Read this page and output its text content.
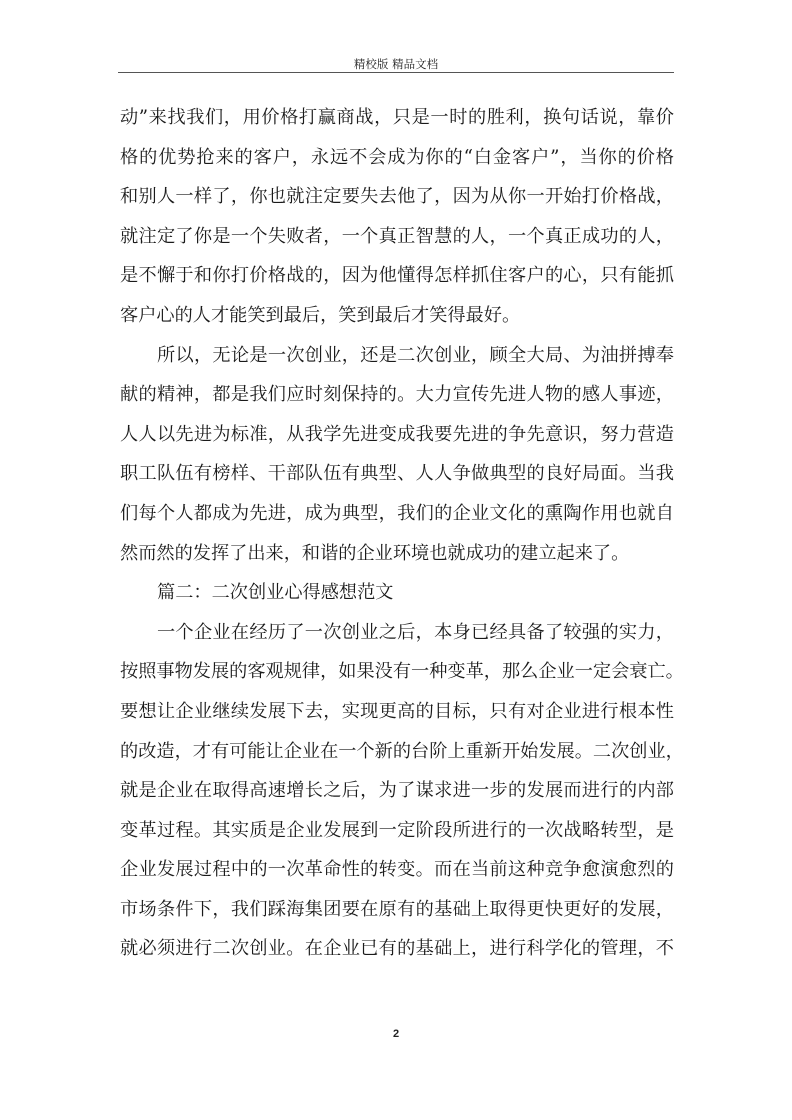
精校版 精品文档
动”来找我们，用价格打赢商战，只是一时的胜利，换句话说，靠价
格的优势抢来的客户，永远不会成为你的“白金客户”，当你的价格
和别人一样了，你也就注定要失去他了，因为从你一开始打价格战，
就注定了你是一个失败者，一个真正智慧的人，一个真正成功的人，
是不懈于和你打价格战的，因为他懂得怎样抓住客户的心，只有能抓
客户心的人才能笑到最后，笑到最后才笑得最好。
所以，无论是一次创业，还是二次创业，顾全大局、为油拼搏奉
献的精神，都是我们应时刻保持的。大力宣传先进人物的感人事迹，
人人以先进为标准，从我学先进变成我要先进的争先意识，努力营造
职工队伍有榜样、干部队伍有典型、人人争做典型的良好局面。当我
们每个人都成为先进，成为典型，我们的企业文化的熏陶作用也就自
然而然的发挥了出来，和谐的企业环境也就成功的建立起来了。
篇二：二次创业心得感想范文
一个企业在经历了一次创业之后，本身已经具备了较强的实力，
按照事物发展的客观规律，如果没有一种变革，那么企业一定会衰亡。
要想让企业继续发展下去，实现更高的目标，只有对企业进行根本性
的改造，才有可能让企业在一个新的台阶上重新开始发展。二次创业，
就是企业在取得高速增长之后，为了谋求进一步的发展而进行的内部
变革过程。其实质是企业发展到一定阶段所进行的一次战略转型，是
企业发展过程中的一次革命性的转变。而在当前这种竞争愈演愈烈的
市场条件下，我们踩海集团要在原有的基础上取得更快更好的发展，
就必须进行二次创业。在企业已有的基础上，进行科学化的管理，不
2
